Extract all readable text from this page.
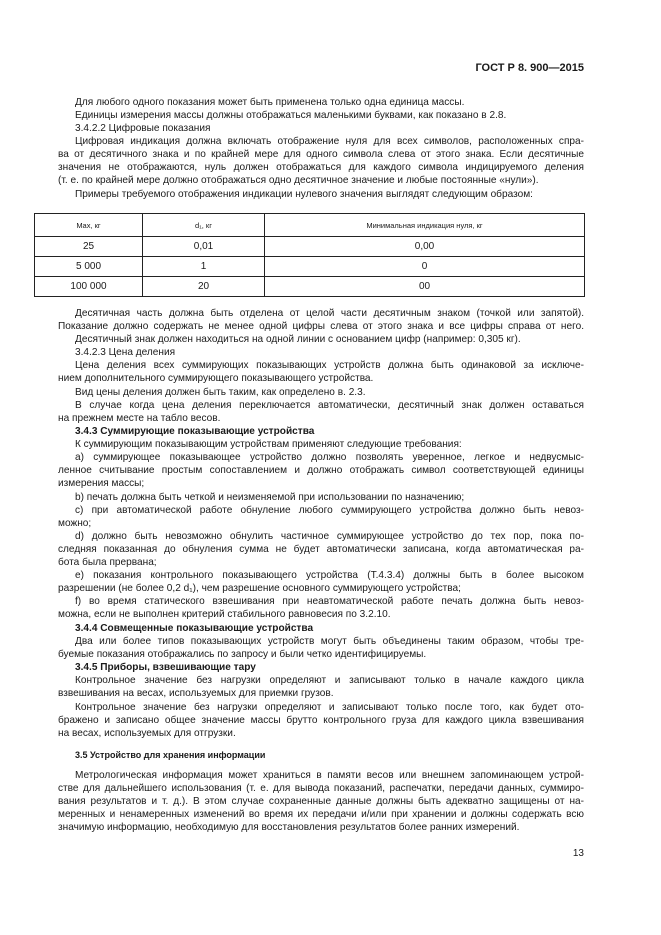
ГОСТ Р 8. 900—2015
Для любого одного показания может быть применена только одна единица массы.
Единицы измерения массы должны отображаться маленькими буквами, как показано в 2.8.
3.4.2.2 Цифровые показания
Цифровая индикация должна включать отображение нуля для всех символов, расположенных спра-
ва от десятичного знака и по крайней мере для одного символа слева от этого знака. Если десятичные
значения не отображаются, нуль должен отображаться для каждого символа индицируемого деления
(т. е. по крайней мере должно отображаться одно десятичное значение и любые постоянные «нули»).
Примеры требуемого отображения индикации нулевого значения выглядят следующим образом:
Max, кг	d₁, кг	Минимальная индикация нуля, кг
25	0,01	0,00
5 000	1	0
100 000	20	00
Десятичная часть должна быть отделена от целой части десятичным знаком (точкой или запятой).
Показание должно содержать не менее одной цифры слева от этого знака и все цифры справа от него.
Десятичный знак должен находиться на одной линии с основанием цифр (например: 0,305 кг).
3.4.2.3 Цена деления
Цена деления всех суммирующих показывающих устройств должна быть одинаковой за исключе-
нием дополнительного суммирующего показывающего устройства.
Вид цены деления должен быть таким, как определено в. 2.3.
В случае когда цена деления переключается автоматически, десятичный знак должен оставаться
на прежнем месте на табло весов.
3.4.3 Суммирующие показывающие устройства
К суммирующим показывающим устройствам применяют следующие требования:
а) суммирующее показывающее устройство должно позволять уверенное, легкое и недвусмыс-
ленное считывание простым сопоставлением и должно отображать символ соответствующей единицы
измерения массы;
b) печать должна быть четкой и неизменяемой при использовании по назначению;
c) при автоматической работе обнуление любого суммирующего устройства должно быть невоз-
можно;
d) должно быть невозможно обнулить частичное суммирующее устройство до тех пор, пока по-
следняя показанная до обнуления сумма не будет автоматически записана, когда автоматическая ра-
бота была прервана;
e) показания контрольного показывающего устройства (Т.4.3.4) должны быть в более высоком
разрешении (не более 0,2 d₁), чем разрешение основного суммирующего устройства;
f) во время статического взвешивания при неавтоматической работе печать должна быть невоз-
можна, если не выполнен критерий стабильного равновесия по 3.2.10.
3.4.4 Совмещенные показывающие устройства
Два или более типов показывающих устройств могут быть объединены таким образом, чтобы тре-
буемые показания отображались по запросу и были четко идентифицируемы.
3.4.5 Приборы, взвешивающие тару
Контрольное значение без нагрузки определяют и записывают только в начале каждого цикла
взвешивания на весах, используемых для приемки грузов.
Контрольное значение без нагрузки определяют и записывают только после того, как будет ото-
бражено и записано общее значение массы брутто контрольного груза для каждого цикла взвешивания
на весах, используемых для отгрузки.
3.5 Устройство для хранения информации
Метрологическая информация может храниться в памяти весов или внешнем запоминающем устрой-
стве для дальнейшего использования (т. е. для вывода показаний, распечатки, передачи данных, суммиро-
вания результатов и т. д.). В этом случае сохраненные данные должны быть адекватно защищены от на-
меренных и ненамеренных изменений во время их передачи и/или при хранении и должны содержать всю
значимую информацию, необходимую для восстановления результатов более ранних измерений.
13
